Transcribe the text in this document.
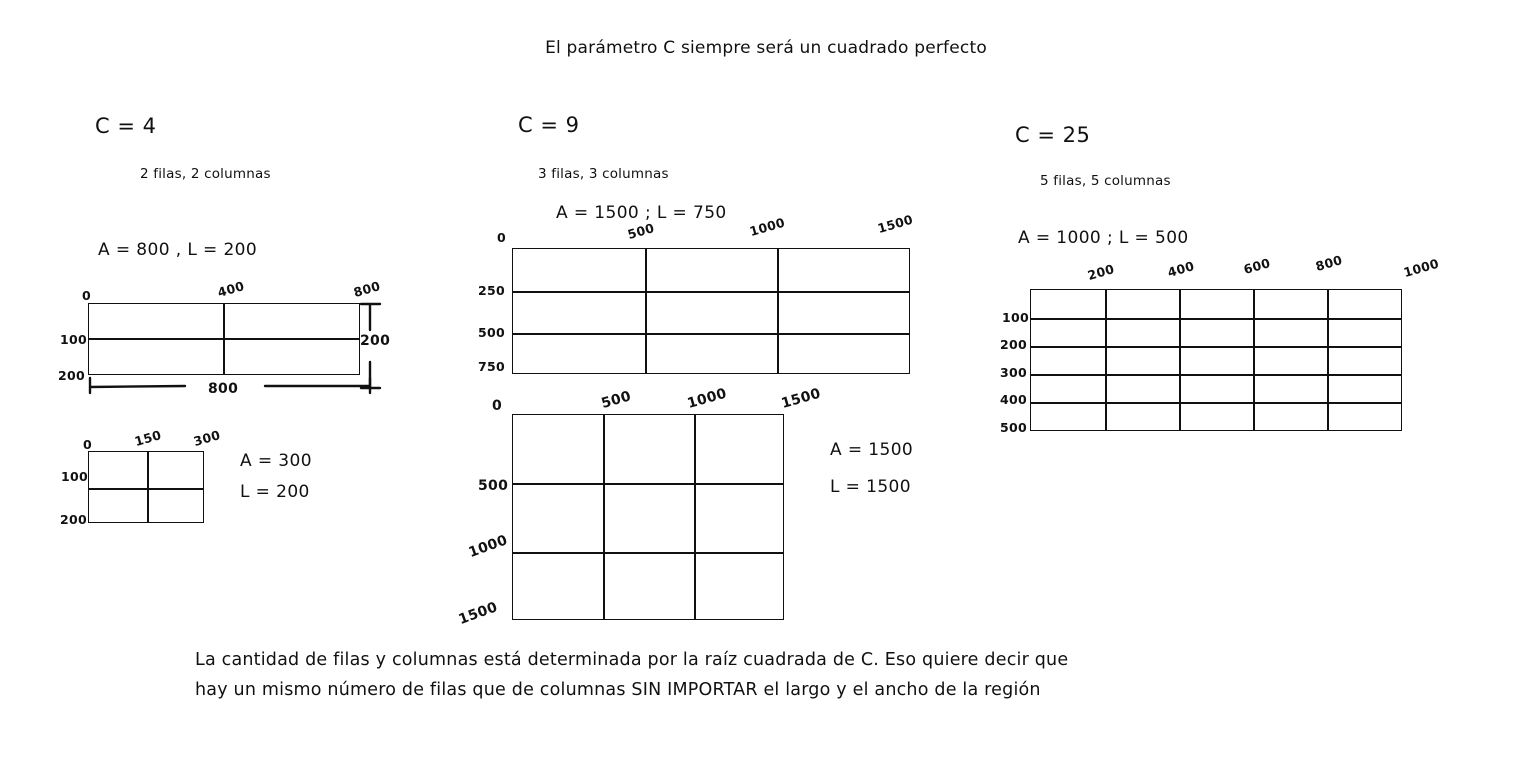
El parámetro C siempre será un cuadrado perfecto
C = 4
2 filas, 2 columnas
A = 800 , L = 200
0	400	800
100
200
800
200
0	150 300
100
200
A = 300
L = 200
C = 9
3 filas, 3 columnas
A = 1500 ; L = 750
0	500	1000	1500
250
500
750
0	500	1000	1500
500
1000
1500
A = 1500
L = 1500
C = 25
5 filas, 5 columnas
A = 1000 ; L = 500
200	400	600	800	1000
100
200
300
400
500
La cantidad de filas y columnas está determinada por la raíz cuadrada de C. Eso quiere decir que
hay un mismo número de filas que de columnas SIN IMPORTAR el largo y el ancho de la región
